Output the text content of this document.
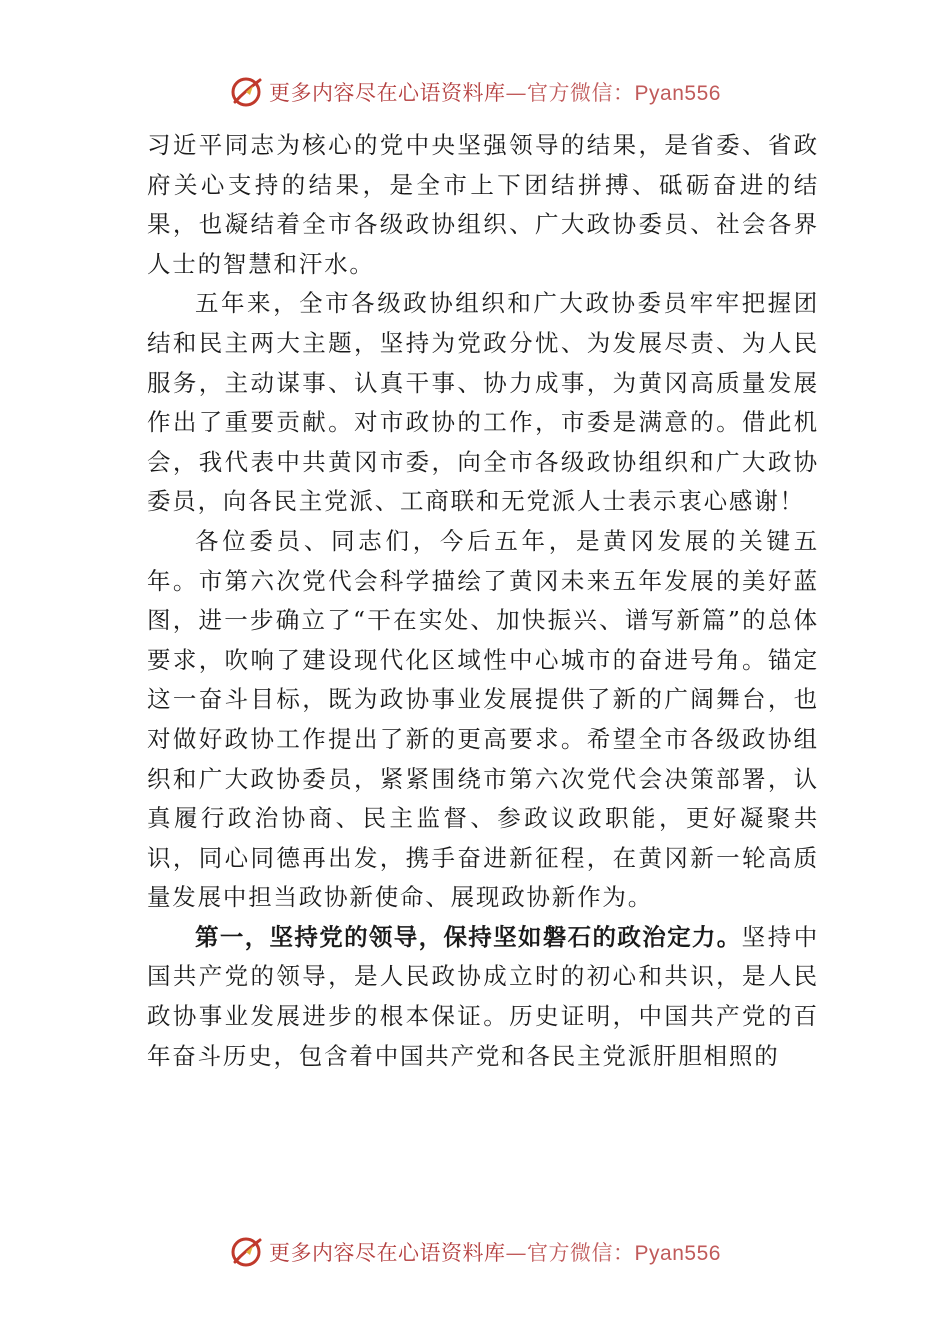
更多内容尽在心语资料库—官方微信：Pyan556

习近平同志为核心的党中央坚强领导的结果，是省委、省政府关心支持的结果，是全市上下团结拼搏、砥砺奋进的结果，也凝结着全市各级政协组织、广大政协委员、社会各界人士的智慧和汗水。

五年来，全市各级政协组织和广大政协委员牢牢把握团结和民主两大主题，坚持为党政分忧、为发展尽责、为人民服务，主动谋事、认真干事、协力成事，为黄冈高质量发展作出了重要贡献。对市政协的工作，市委是满意的。借此机会，我代表中共黄冈市委，向全市各级政协组织和广大政协委员，向各民主党派、工商联和无党派人士表示衷心感谢！

各位委员、同志们，今后五年，是黄冈发展的关键五年。市第六次党代会科学描绘了黄冈未来五年发展的美好蓝图，进一步确立了“干在实处、加快振兴、谱写新篇”的总体要求，吹响了建设现代化区域性中心城市的奋进号角。锚定这一奋斗目标，既为政协事业发展提供了新的广阔舞台，也对做好政协工作提出了新的更高要求。希望全市各级政协组织和广大政协委员，紧紧围绕市第六次党代会决策部署，认真履行政治协商、民主监督、参政议政职能，更好凝聚共识，同心同德再出发，携手奋进新征程，在黄冈新一轮高质量发展中担当政协新使命、展现政协新作为。

第一，坚持党的领导，保持坚如磐石的政治定力。坚持中国共产党的领导，是人民政协成立时的初心和共识，是人民政协事业发展进步的根本保证。历史证明，中国共产党的百年奋斗历史，包含着中国共产党和各民主党派肝胆相照的

更多内容尽在心语资料库—官方微信：Pyan556
